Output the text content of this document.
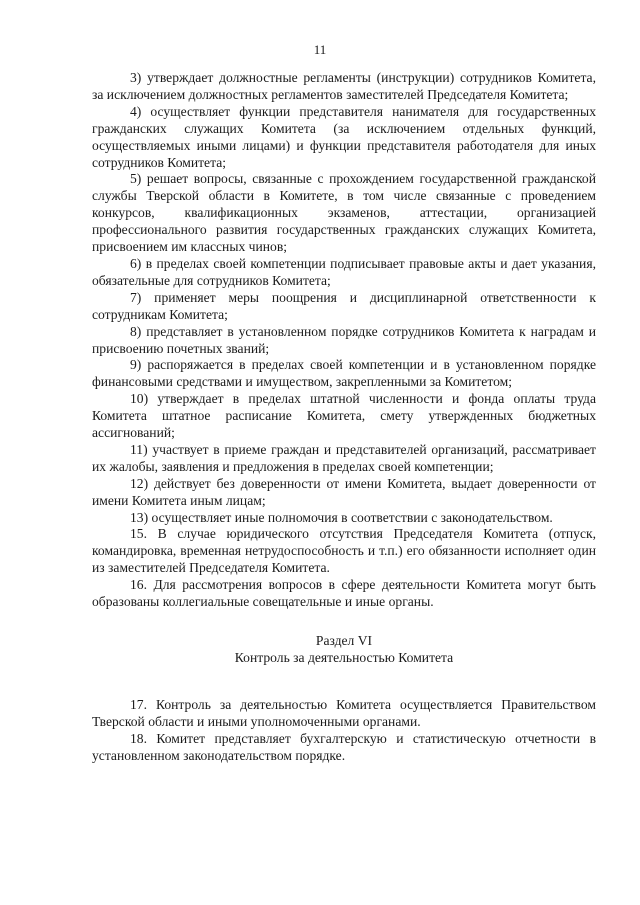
11

3) утверждает должностные регламенты (инструкции) сотрудников Комитета, за исключением должностных регламентов заместителей Председателя Комитета;

4) осуществляет функции представителя нанимателя для государственных гражданских служащих Комитета (за исключением отдельных функций, осуществляемых иными лицами) и функции представителя работодателя для иных сотрудников Комитета;

5) решает вопросы, связанные с прохождением государственной гражданской службы Тверской области в Комитете, в том числе связанные с проведением конкурсов, квалификационных экзаменов, аттестации, организацией профессионального развития государственных гражданских служащих Комитета, присвоением им классных чинов;

6) в пределах своей компетенции подписывает правовые акты и дает указания, обязательные для сотрудников Комитета;

7) применяет меры поощрения и дисциплинарной ответственности к сотрудникам Комитета;

8) представляет в установленном порядке сотрудников Комитета к наградам и присвоению почетных званий;

9) распоряжается в пределах своей компетенции и в установленном порядке финансовыми средствами и имуществом, закрепленными за Комитетом;

10) утверждает в пределах штатной численности и фонда оплаты труда Комитета штатное расписание Комитета, смету утвержденных бюджетных ассигнований;

11) участвует в приеме граждан и представителей организаций, рассматривает их жалобы, заявления и предложения в пределах своей компетенции;

12) действует без доверенности от имени Комитета, выдает доверенности от имени Комитета иным лицам;

13) осуществляет иные полномочия в соответствии с законодательством.

15. В случае юридического отсутствия Председателя Комитета (отпуск, командировка, временная нетрудоспособность и т.п.) его обязанности исполняет один из заместителей Председателя Комитета.

16. Для рассмотрения вопросов в сфере деятельности Комитета могут быть образованы коллегиальные совещательные и иные органы.

Раздел VI

Контроль за деятельностью Комитета

17. Контроль за деятельностью Комитета осуществляется Правительством Тверской области и иными уполномоченными органами.

18. Комитет представляет бухгалтерскую и статистическую отчетности в установленном законодательством порядке.
